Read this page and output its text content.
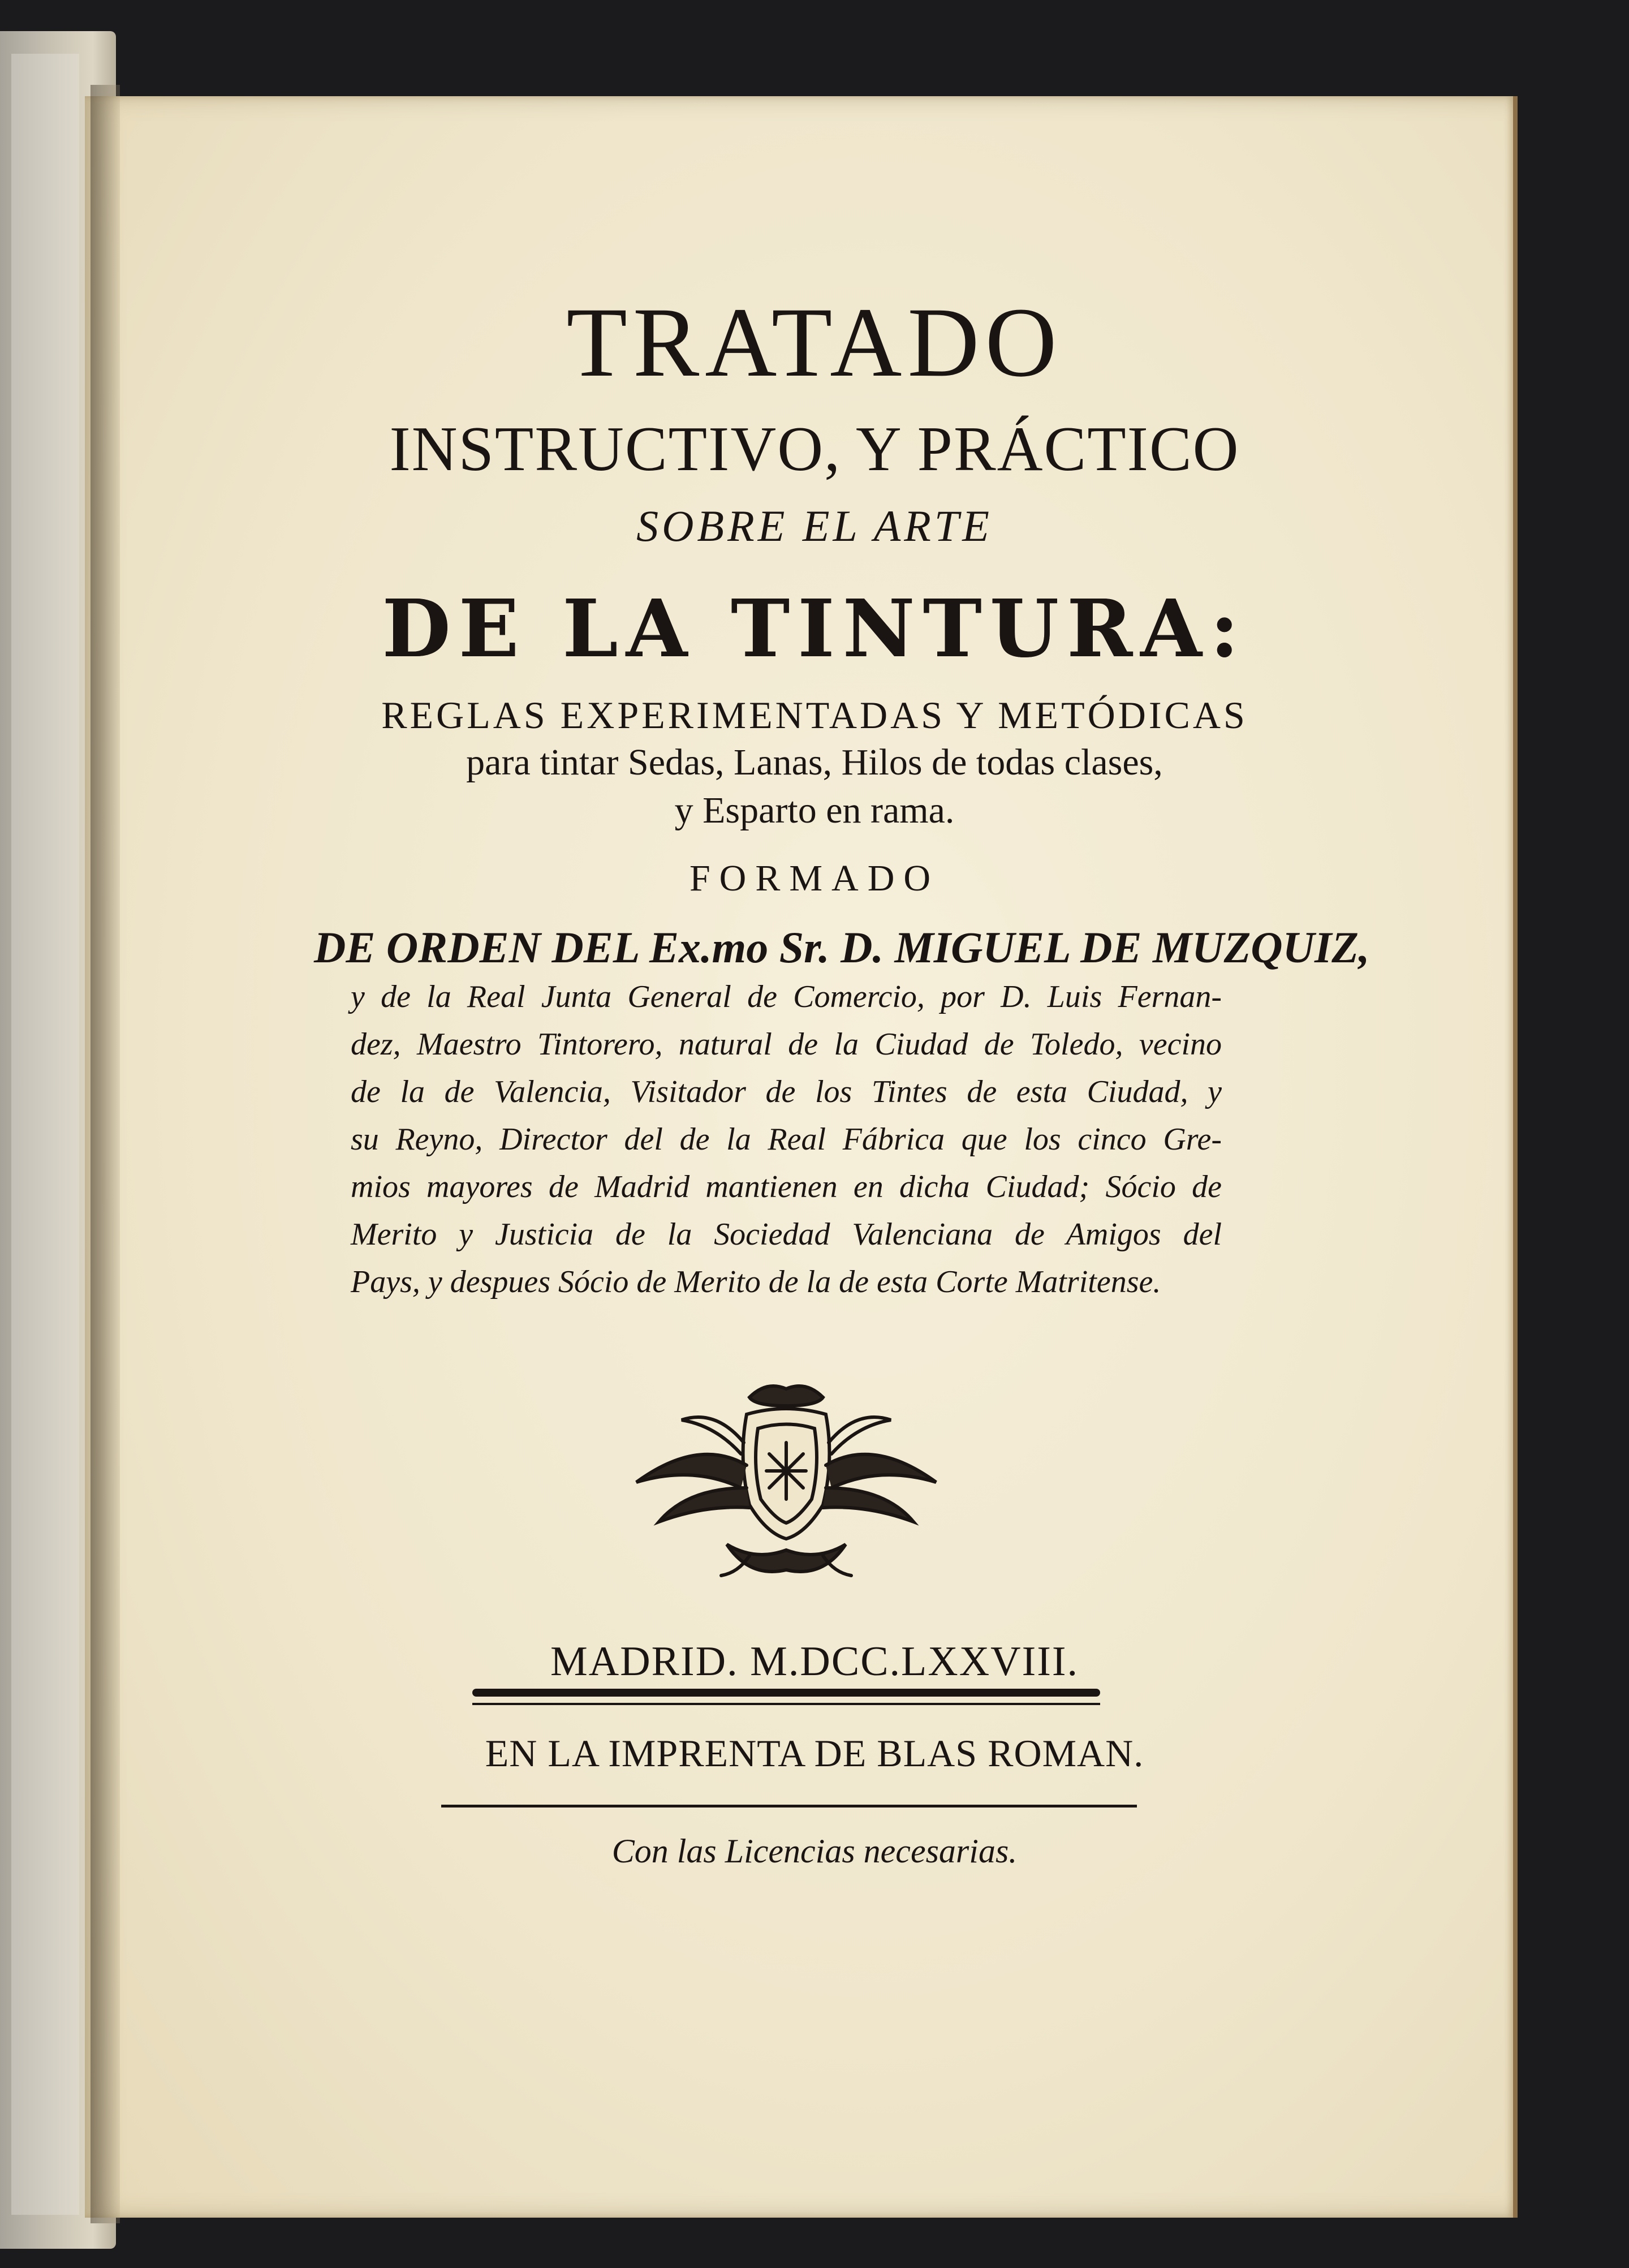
TRATADO
INSTRUCTIVO, Y PRÁCTICO
SOBRE EL ARTE
DE LA TINTURA:
REGLAS EXPERIMENTADAS Y METÓDICAS
para tintar Sedas, Lanas, Hilos de todas clases,
y Esparto en rama.
FORMADO
DE ORDEN DEL Ex.mo Sr. D. MIGUEL DE MUZQUIZ,
y de la Real Junta General de Comercio, por D. Luis Fernan-
dez, Maestro Tintorero, natural de la Ciudad de Toledo, vecino
de la de Valencia, Visitador de los Tintes de esta Ciudad, y
su Reyno, Director del de la Real Fábrica que los cinco Gre-
mios mayores de Madrid mantienen en dicha Ciudad; Sócio de
Merito y Justicia de la Sociedad Valenciana de Amigos del
Pays, y despues Sócio de Merito de la de esta Corte Matritense.
MADRID. M.DCC.LXXVIII.
EN LA IMPRENTA DE BLAS ROMAN.
Con las Licencias necesarias.
